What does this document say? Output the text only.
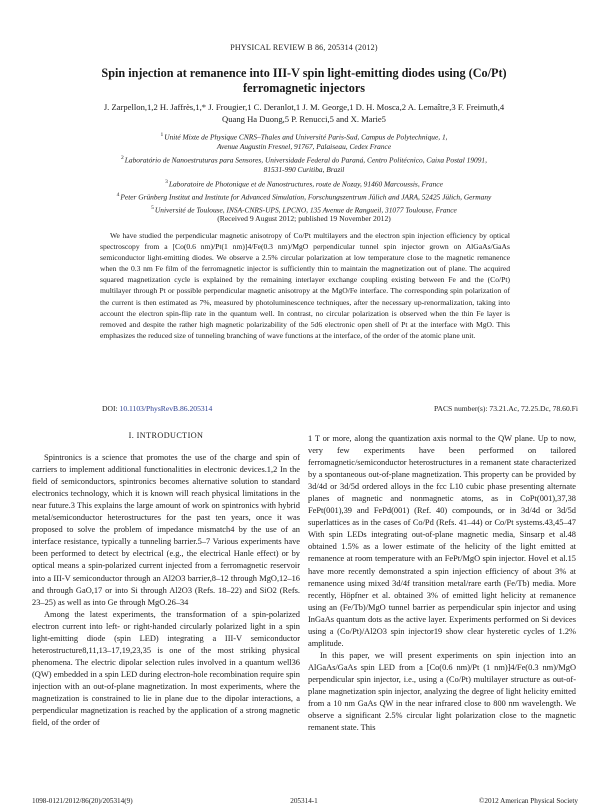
PHYSICAL REVIEW B 86, 205314 (2012)
Spin injection at remanence into III-V spin light-emitting diodes using (Co/Pt)
ferromagnetic injectors
J. Zarpellon,1,2 H. Jaffrès,1,* J. Frougier,1 C. Deranlot,1 J. M. George,1 D. H. Mosca,2 A. Lemaître,3 F. Freimuth,4
Quang Ha Duong,5 P. Renucci,5 and X. Marie5
$^1$Unité Mixte de Physique CNRS–Thales and Université Paris-Sud, Campus de Polytechnique, 1,
Avenue Augustin Fresnel, 91767, Palaiseau, Cedex France
$^2$Laboratório de Nanoestruturas para Sensores, Universidade Federal do Paraná, Centro Politécnico, Caixa Postal 19091,
81531-990 Curitiba, Brazil
$^3$Laboratoire de Photonique et de Nanostructures, route de Nozay, 91460 Marcoussis, France
$^4$Peter Grünberg Institut and Institute for Advanced Simulation, Forschungszentrum Jülich and JARA, 52425 Jülich, Germany
$^5$Université de Toulouse, INSA-CNRS-UPS, LPCNO, 135 Avenue de Rangueil, 31077 Toulouse, France
(Received 9 August 2012; published 19 November 2012)
We have studied the perpendicular magnetic anisotropy of Co/Pt multilayers and the electron spin injection efficiency by optical spectroscopy from a [Co(0.6 nm)/Pt(1 nm)]4/Fe(0.3 nm)/MgO perpendicular tunnel spin injector grown on AlGaAs/GaAs semiconductor light-emitting diodes. We observe a 2.5% circular polarization at low temperature close to the magnetic remanence when the 0.3 nm Fe film of the ferromagnetic injector is sufficiently thin to maintain the magnetization out of plane. The acquired squared magnetization cycle is explained by the remaining interlayer exchange coupling existing between Fe and the (Co/Pt) multilayer through Pt or possible perpendicular magnetic anisotropy at the MgO/Fe interface. The corresponding spin polarization of the current is then estimated as 7%, measured by photoluminescence techniques, after the necessary up-renormalization, taking into account the electron spin-flip rate in the quantum well. In contrast, no circular polarization is observed when the thin Fe layer is removed and despite the rather high magnetic polarizability of the 5d6 electronic open shell of Pt at the interface with MgO. This emphasizes the reduced size of tunneling branching of wave functions at the interface, of the order of the atomic plane unit.
DOI: 10.1103/PhysRevB.86.205314	PACS number(s): 73.21.Ac, 72.25.Dc, 78.60.Fi
I. INTRODUCTION

Spintronics is a science that promotes the use of the charge and spin of carriers to implement additional functionalities in electronic devices.1,2 In the field of semiconductors, spintronics becomes alternative solution to standard electronics technology, which it is known will reach physical limitations in the near future.3 This explains the large amount of work on spintronics with hybrid metal/semiconductor heterostructures for the past ten years, once it was proposed to solve the problem of impedance mismatch4 by the use of an interface resistance, typically a tunneling barrier.5–7 Various experiments have been performed to detect by electrical (e.g., the electrical Hanle effect) or by optical means a spin-polarized current injected from a ferromagnetic reservoir into a III-V semiconductor through an Al2O3 barrier,8–12 through MgO,12–16 and through GaO,17 or into Si through Al2O3 (Refs. 18–22) and SiO2 (Refs. 23–25) as well as into Ge through MgO.26–34

Among the latest experiments, the transformation of a spin-polarized electron current into left- or right-handed circularly polarized light in a spin light-emitting diode (spin LED) integrating a III-V semiconductor heterostructure8,11,13–17,19,23,35 is one of the most striking physical phenomena. The electric dipolar selection rules involved in a quantum well36 (QW) embedded in a spin LED during electron-hole recombination require spin injection with an out-of-plane magnetization. In most experiments, where the magnetization is constrained to lie in plane due to the dipolar interactions, a perpendicular magnetization is reached by the application of a strong magnetic field, of the order of

1 T or more, along the quantization axis normal to the QW plane. Up to now, very few experiments have been performed on tailored ferromagnetic/semiconductor heterostructures in a remanent state characterized by a spontaneous out-of-plane magnetization. This property can be provided by 3d/4d or 3d/5d ordered alloys in the fcc L10 cubic phase presenting alternate planes of magnetic and nonmagnetic atoms, as in CoPt(001),37,38 FePt(001),39 and FePd(001) (Ref. 40) compounds, or in 3d/4d or 3d/5d superlattices as in the cases of Co/Pd (Refs. 41–44) or Co/Pt systems.43,45–47 With spin LEDs integrating out-of-plane magnetic media, Sinsarp et al.48 obtained 1.5% as a lower estimate of the helicity of the light emitted at remanence at room temperature with an FePt/MgO spin injector. Hovel et al.15 have more recently demonstrated a spin injection efficiency of about 3% at remanence using mixed 3d/4f transition metal/rare earth (Fe/Tb) media. More recently, Höpfner et al. obtained 3% of emitted light helicity at remanence using an (Fe/Tb)/MgO tunnel barrier as perpendicular spin injector and using InGaAs quantum dots as the active layer. Experiments performed on Si devices using a (Co/Pt)/Al2O3 spin injector19 show clear hysteretic cycles of 1.2% amplitude.

In this paper, we will present experiments on spin injection into an AlGaAs/GaAs spin LED from a [Co(0.6 nm)/Pt (1 nm)]4/Fe(0.3 nm)/MgO perpendicular spin injector, i.e., using a (Co/Pt) multilayer structure as out-of-plane magnetization spin injector, analyzing the degree of light helicity emitted from a 10 nm GaAs QW in the near infrared close to 800 nm wavelength. We observe a significant 2.5% circular light polarization close to the magnetic remanent state. This

1098-0121/2012/86(20)/205314(9)	205314-1	©2012 American Physical Society
